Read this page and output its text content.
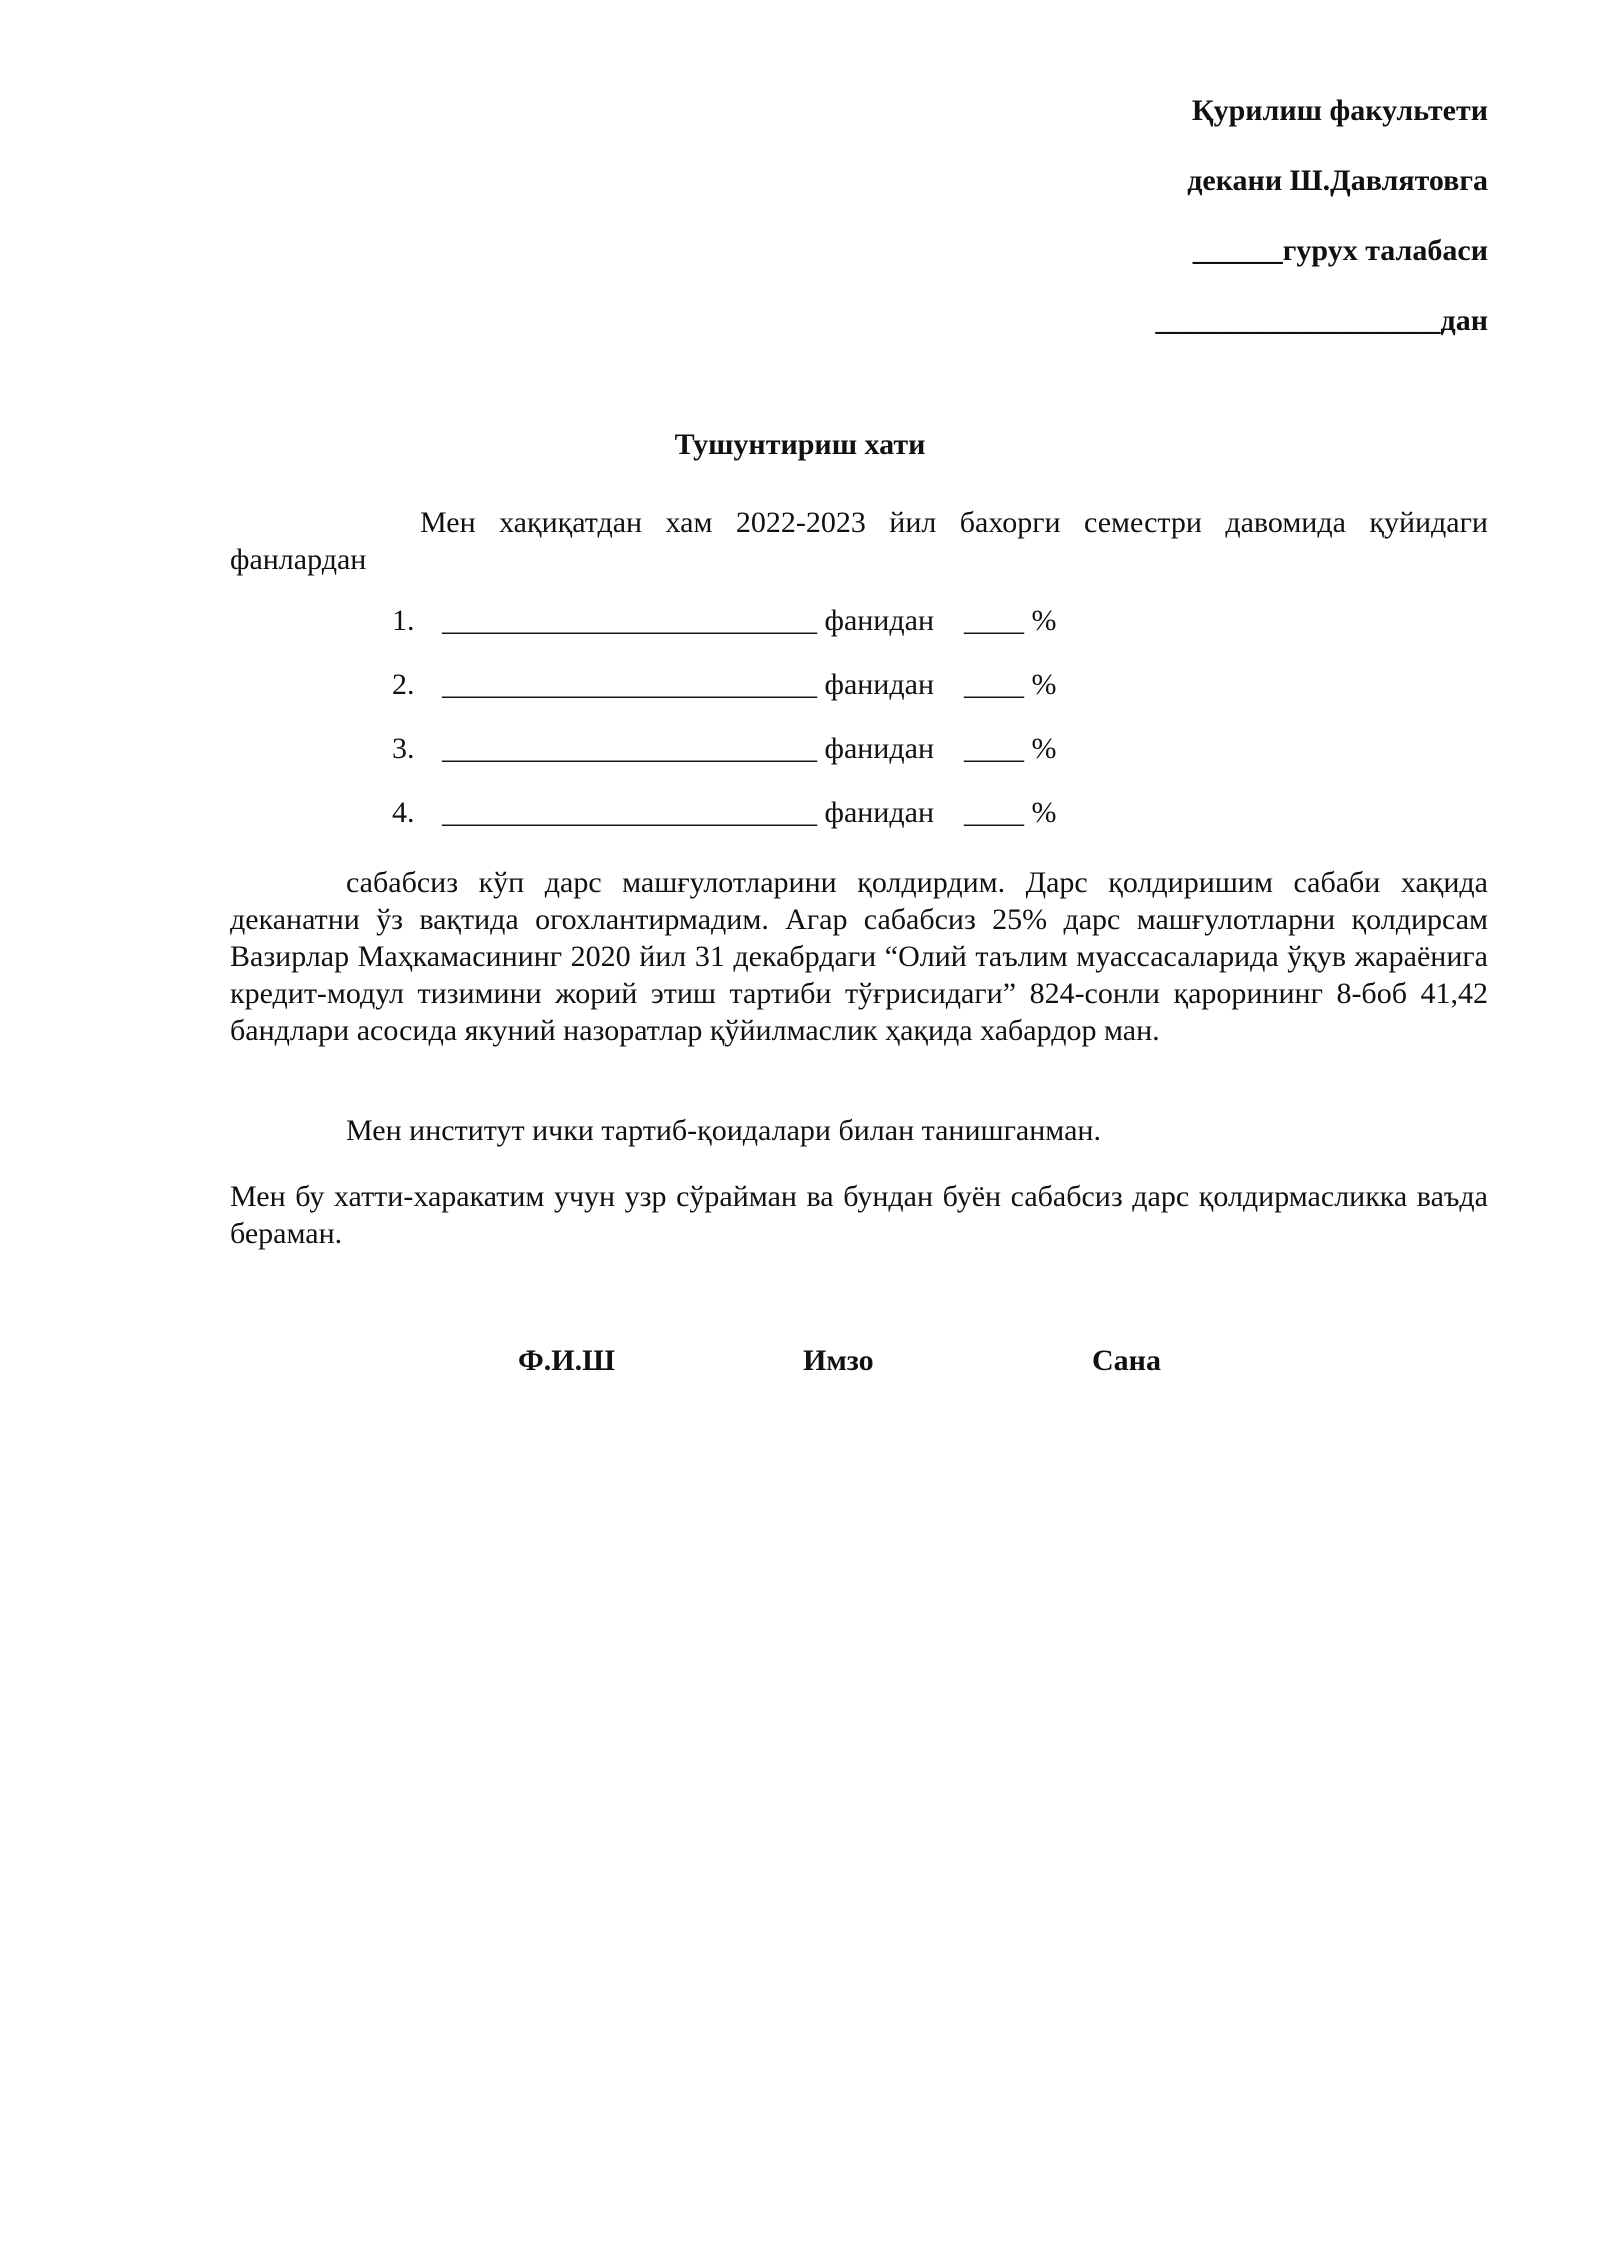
Қурилиш факультети
декани Ш.Давлятовга
______гурух талабаси
___________________дан
Тушунтириш хати
Мен хақиқатдан хам 2022-2023 йил бахорги семестри давомида қуйидаги фанлардан
1. _________________________ фанидан ____ %
2. _________________________ фанидан ____ %
3. _________________________ фанидан ____ %
4. _________________________ фанидан ____ %
сабабсиз кўп дарс машғулотларини қолдирдим. Дарс қолдиришим сабаби хақида деканатни ўз вақтида огохлантирмадим. Агар сабабсиз 25% дарс машғулотларни қолдирсам Вазирлар Маҳкамасининг 2020 йил 31 декабрдаги “Олий таълим муассасаларида ўқув жараёнига кредит-модул тизимини жорий этиш тартиби тўғрисидаги” 824-сонли қарорининг 8-боб 41,42 бандлари асосида якуний назоратлар қўйилмаслик ҳақида хабардор ман.
Мен институт ички тартиб-қоидалари билан танишганман.
Мен бу хатти-харакатим учун узр сўрайман ва бундан буён сабабсиз дарс қолдирмасликка ваъда бераман.
Ф.И.Ш	Имзо	Сана
